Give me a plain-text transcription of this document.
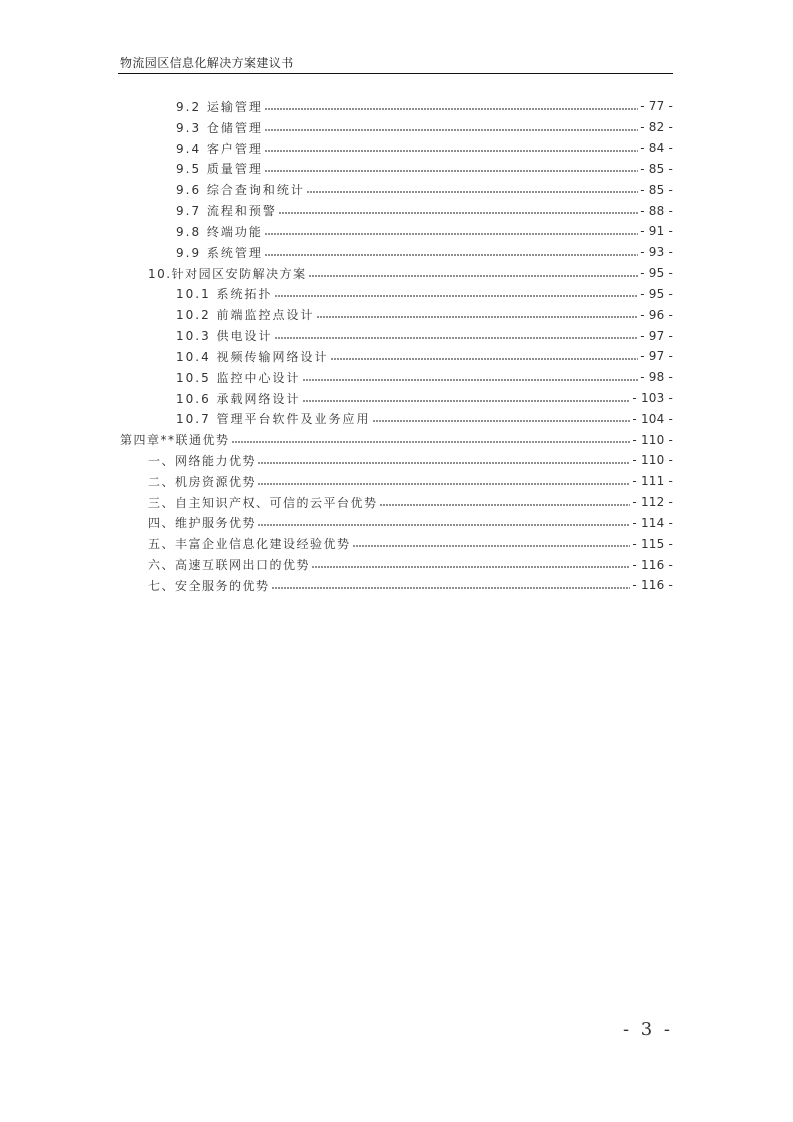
物流园区信息化解决方案建议书
9.2 运输管理	- 77 -
9.3 仓储管理	- 82 -
9.4 客户管理	- 84 -
9.5 质量管理	- 85 -
9.6 综合查询和统计	- 85 -
9.7 流程和预警	- 88 -
9.8 终端功能	- 91 -
9.9 系统管理	- 93 -
10.针对园区安防解决方案	- 95 -
10.1 系统拓扑	- 95 -
10.2 前端监控点设计	- 96 -
10.3 供电设计	- 97 -
10.4 视频传输网络设计	- 97 -
10.5 监控中心设计	- 98 -
10.6 承载网络设计	- 103 -
10.7 管理平台软件及业务应用	- 104 -
第四章**联通优势	- 110 -
一、网络能力优势	- 110 -
二、机房资源优势	- 111 -
三、自主知识产权、可信的云平台优势	- 112 -
四、维护服务优势	- 114 -
五、丰富企业信息化建设经验优势	- 115 -
六、高速互联网出口的优势	- 116 -
七、安全服务的优势	- 116 -
- 3 -
